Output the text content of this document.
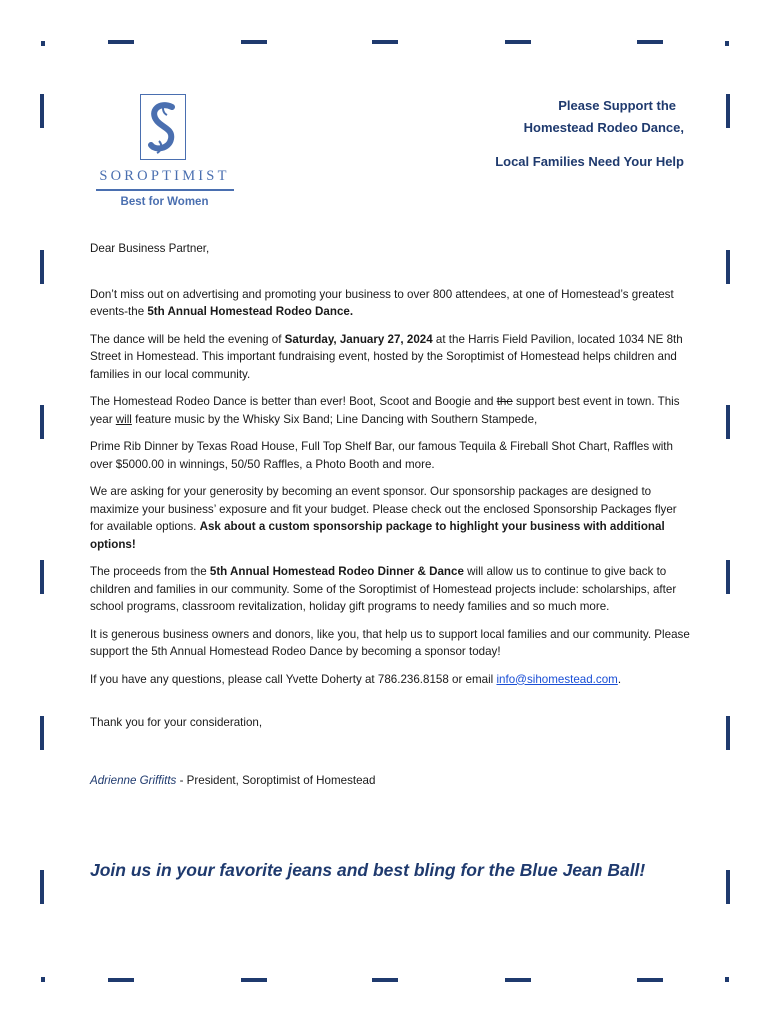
SOROPTIMIST
Best for Women
Please Support the
Homestead Rodeo Dance,
Local Families Need Your Help

Dear Business Partner,

Don’t miss out on advertising and promoting your business to over 800 attendees, at one of Homestead’s greatest events-the 5th Annual Homestead Rodeo Dance.

The dance will be held the evening of Saturday, January 27, 2024 at the Harris Field Pavilion, located 1034 NE 8th Street in Homestead. This important fundraising event, hosted by the Soroptimist of Homestead helps children and families in our local community.

The Homestead Rodeo Dance is better than ever! Boot, Scoot and Boogie and the support best event in town. This year will feature music by the Whisky Six Band; Line Dancing with Southern Stampede,

Prime Rib Dinner by Texas Road House, Full Top Shelf Bar, our famous Tequila & Fireball Shot Chart, Raffles with over $5000.00 in winnings, 50/50 Raffles, a Photo Booth and more.

We are asking for your generosity by becoming an event sponsor. Our sponsorship packages are designed to maximize your business’ exposure and fit your budget. Please check out the enclosed Sponsorship Packages flyer for available options. Ask about a custom sponsorship package to highlight your business with additional options!

The proceeds from the 5th Annual Homestead Rodeo Dinner & Dance will allow us to continue to give back to children and families in our community. Some of the Soroptimist of Homestead projects include: scholarships, after school programs, classroom revitalization, holiday gift programs to needy families and so much more.

It is generous business owners and donors, like you, that help us to support local families and our community. Please support the 5th Annual Homestead Rodeo Dance by becoming a sponsor today!

If you have any questions, please call Yvette Doherty at 786.236.8158 or email info@sihomestead.com.

Thank you for your consideration,

Adrienne Griffitts - President, Soroptimist of Homestead

Join us in your favorite jeans and best bling for the Blue Jean Ball!
